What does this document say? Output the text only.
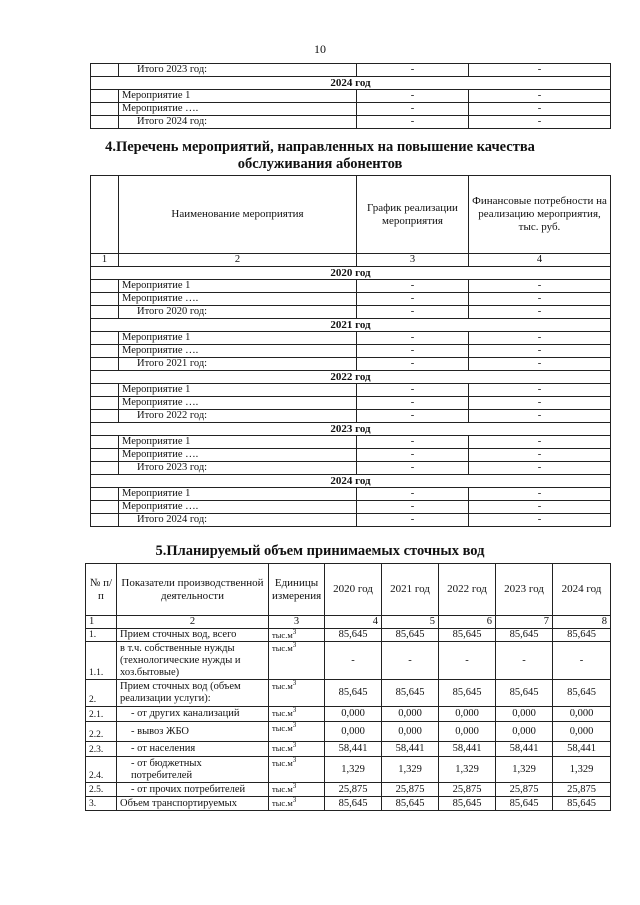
10
	Итого 2023 год:	-	-
2024 год			
	Мероприятие 1	-	-
	Мероприятие ….	-	-
	Итого 2024 год:	-	-
4.Перечень мероприятий, направленных на повышение качества
обслуживания абонентов
	Наименование мероприятия	График реализации мероприятия	Финансовые потребности на реализацию мероприятия, тыс. руб.
1	2	3	4
2020 год			
	Мероприятие 1	-	-
	Мероприятие ….	-	-
	Итого 2020 год:	-	-
2021 год			
	Мероприятие 1	-	-
	Мероприятие ….	-	-
	Итого 2021 год:	-	-
2022 год			
	Мероприятие 1	-	-
	Мероприятие ….	-	-
	Итого 2022 год:	-	-
2023 год			
	Мероприятие 1	-	-
	Мероприятие ….	-	-
	Итого 2023 год:	-	-
2024 год			
	Мероприятие 1	-	-
	Мероприятие ….	-	-
	Итого 2024 год:	-	-
5.Планируемый объем принимаемых сточных вод
№ п/п	Показатели производственной деятельности	Единицы измерения	2020 год	2021 год	2022 год	2023 год	2024 год
1	2	3	4	5	6	7	8
1.	Прием сточных вод, всего	$тыс.м^3$	85,645	85,645	85,645	85,645	85,645
1.1.	в т.ч. собственные нужды (технологические нужды и хоз.бытовые)	$тыс.м^3$	-	-	-	-	-
2.	Прием сточных вод (объем реализации услуги):	$тыс.м^3$	85,645	85,645	85,645	85,645	85,645
2.1.	- от других канализаций	$тыс.м^3$	0,000	0,000	0,000	0,000	0,000
2.2.	- вывоз ЖБО	$тыс.м^3$	0,000	0,000	0,000	0,000	0,000
2.3.	- от населения	$тыс.м^3$	58,441	58,441	58,441	58,441	58,441
2.4.	- от бюджетных потребителей	$тыс.м^3$	1,329	1,329	1,329	1,329	1,329
2.5.	- от прочих потребителей	$тыс.м^3$	25,875	25,875	25,875	25,875	25,875
3.	Объем транспортируемых	$тыс.м^3$	85,645	85,645	85,645	85,645	85,645
